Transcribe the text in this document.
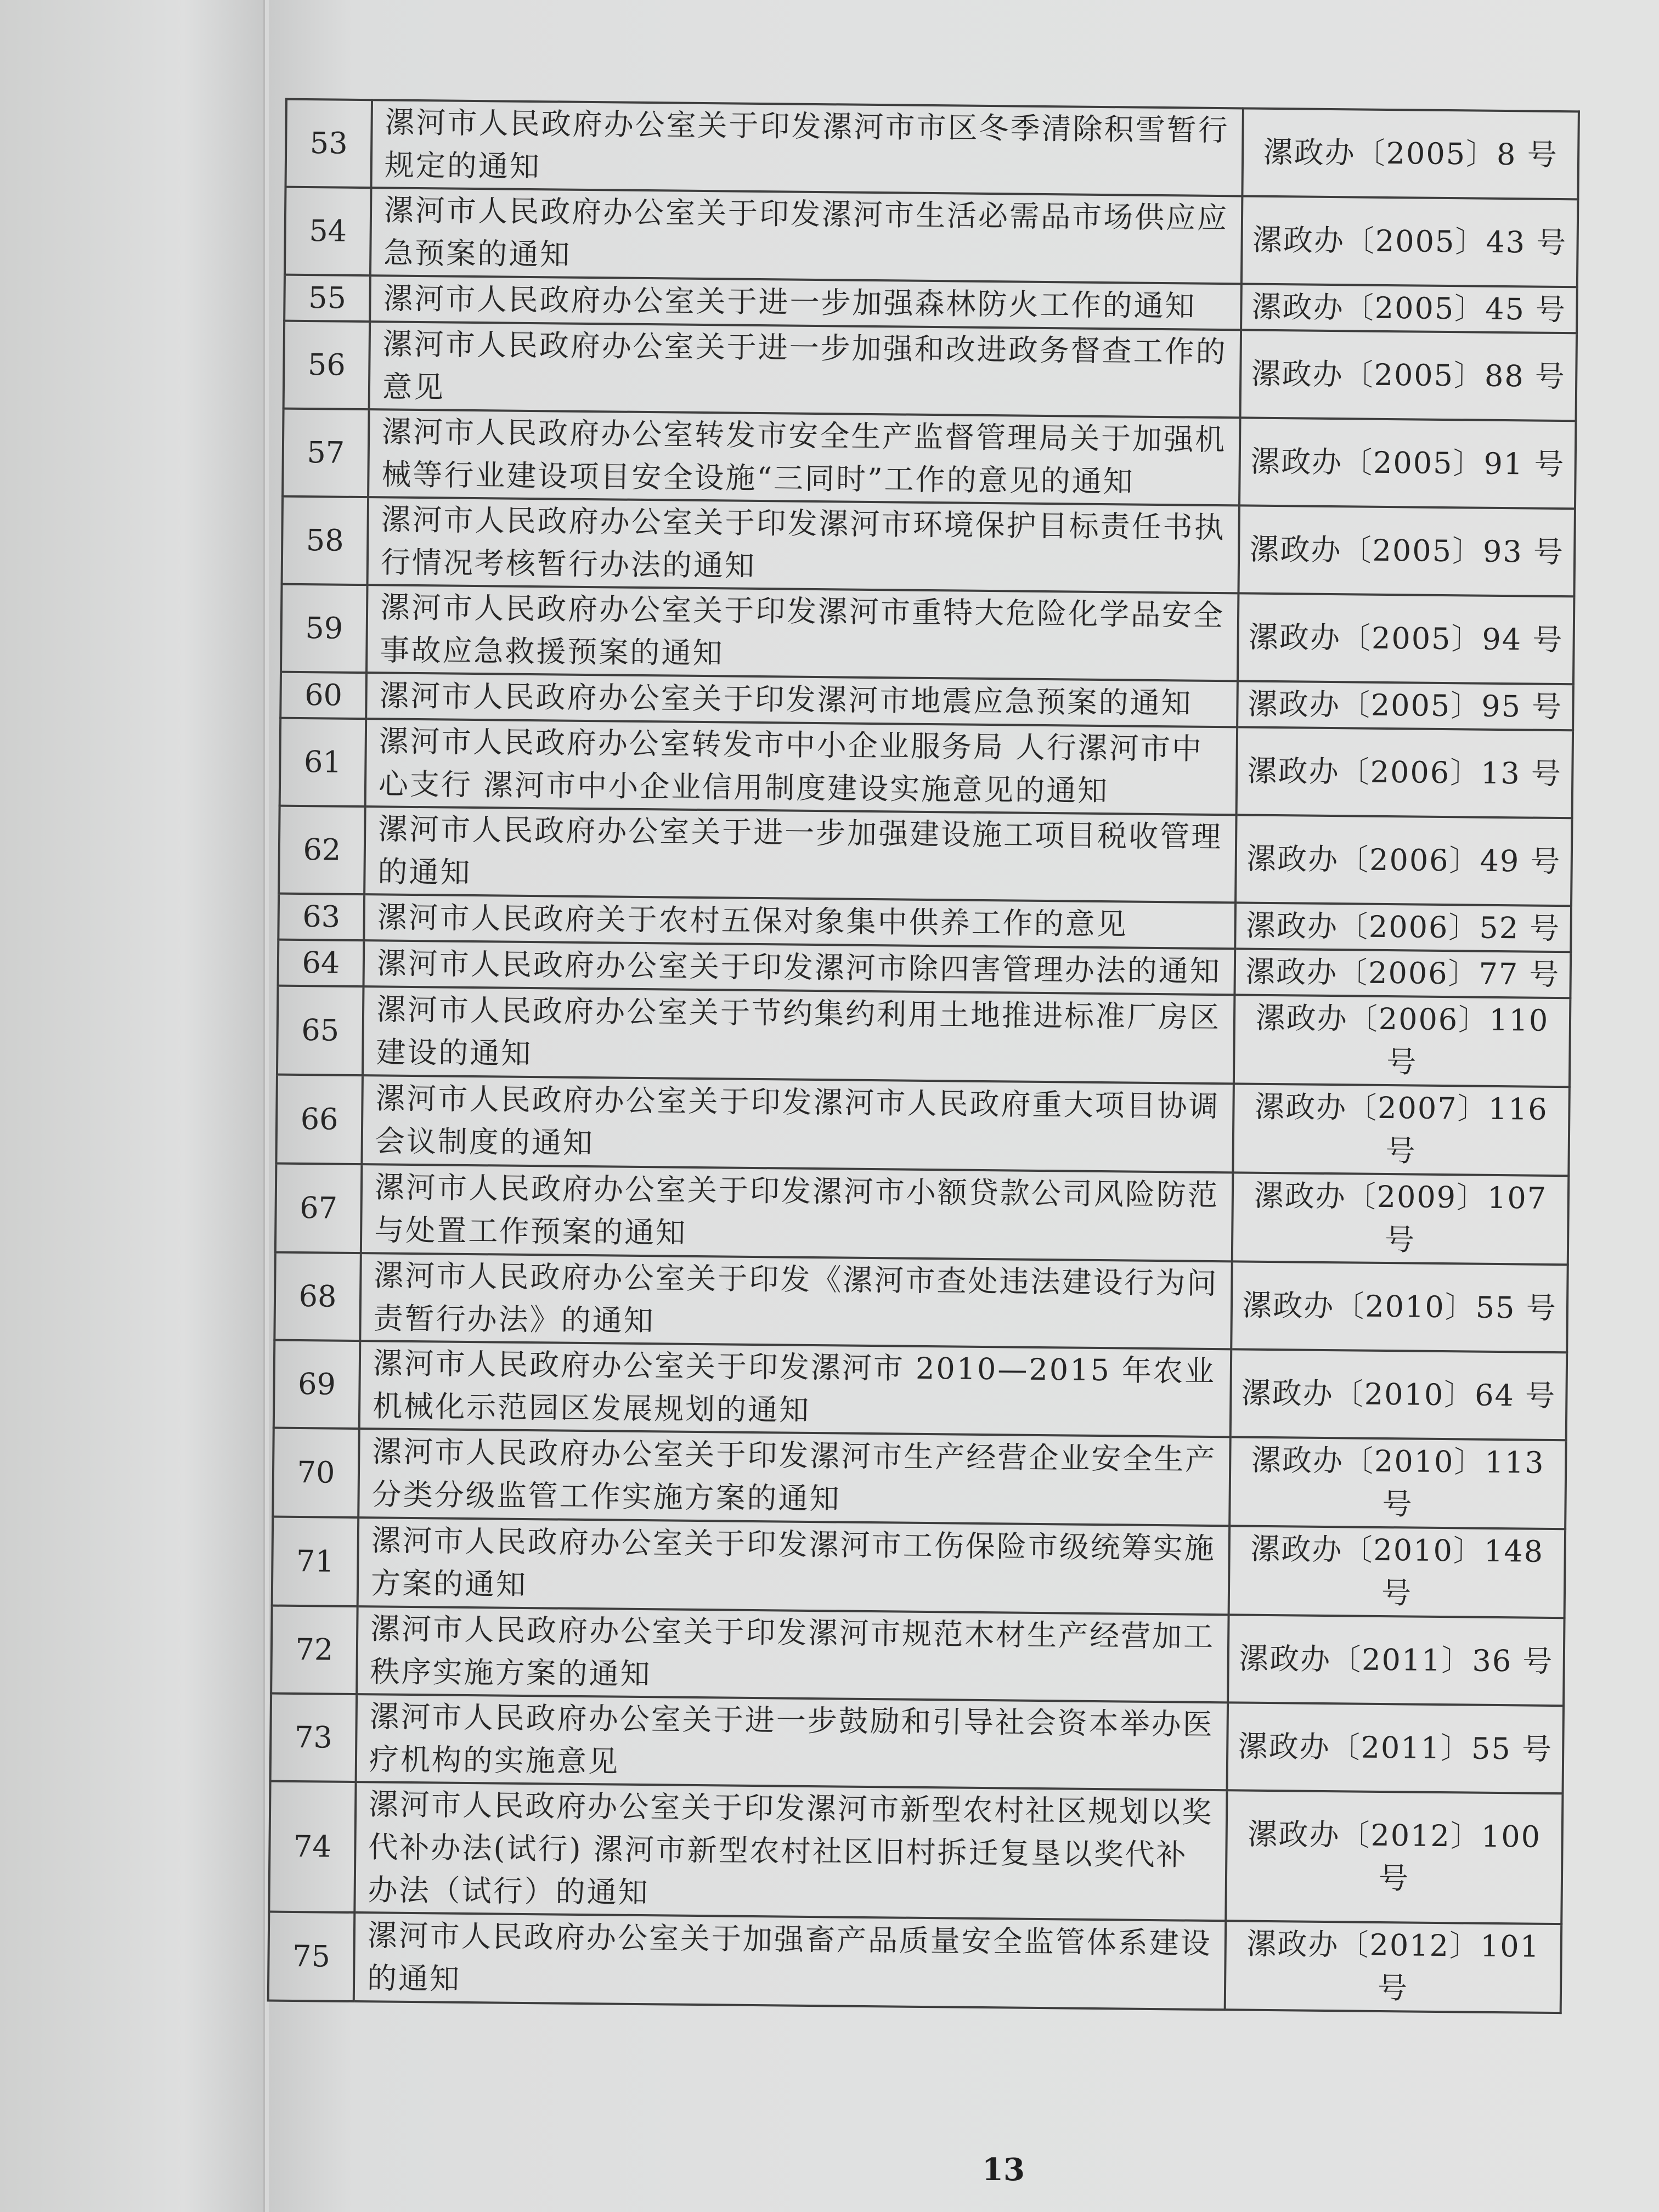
53	漯河市人民政府办公室关于印发漯河市市区冬季清除积雪暂行规定的通知	漯政办〔2005〕8 号
54	漯河市人民政府办公室关于印发漯河市生活必需品市场供应应急预案的通知	漯政办〔2005〕43 号
55	漯河市人民政府办公室关于进一步加强森林防火工作的通知	漯政办〔2005〕45 号
56	漯河市人民政府办公室关于进一步加强和改进政务督查工作的意见	漯政办〔2005〕88 号
57	漯河市人民政府办公室转发市安全生产监督管理局关于加强机械等行业建设项目安全设施“三同时”工作的意见的通知	漯政办〔2005〕91 号
58	漯河市人民政府办公室关于印发漯河市环境保护目标责任书执行情况考核暂行办法的通知	漯政办〔2005〕93 号
59	漯河市人民政府办公室关于印发漯河市重特大危险化学品安全事故应急救援预案的通知	漯政办〔2005〕94 号
60	漯河市人民政府办公室关于印发漯河市地震应急预案的通知	漯政办〔2005〕95 号
61	漯河市人民政府办公室转发市中小企业服务局 人行漯河市中心支行 漯河市中小企业信用制度建设实施意见的通知	漯政办〔2006〕13 号
62	漯河市人民政府办公室关于进一步加强建设施工项目税收管理的通知	漯政办〔2006〕49 号
63	漯河市人民政府关于农村五保对象集中供养工作的意见	漯政办〔2006〕52 号
64	漯河市人民政府办公室关于印发漯河市除四害管理办法的通知	漯政办〔2006〕77 号
65	漯河市人民政府办公室关于节约集约利用土地推进标准厂房区建设的通知	漯政办〔2006〕110 号
66	漯河市人民政府办公室关于印发漯河市人民政府重大项目协调会议制度的通知	漯政办〔2007〕116 号
67	漯河市人民政府办公室关于印发漯河市小额贷款公司风险防范与处置工作预案的通知	漯政办〔2009〕107 号
68	漯河市人民政府办公室关于印发《漯河市查处违法建设行为问责暂行办法》的通知	漯政办〔2010〕55 号
69	漯河市人民政府办公室关于印发漯河市 2010—2015 年农业机械化示范园区发展规划的通知	漯政办〔2010〕64 号
70	漯河市人民政府办公室关于印发漯河市生产经营企业安全生产分类分级监管工作实施方案的通知	漯政办〔2010〕113 号
71	漯河市人民政府办公室关于印发漯河市工伤保险市级统筹实施方案的通知	漯政办〔2010〕148 号
72	漯河市人民政府办公室关于印发漯河市规范木材生产经营加工秩序实施方案的通知	漯政办〔2011〕36 号
73	漯河市人民政府办公室关于进一步鼓励和引导社会资本举办医疗机构的实施意见	漯政办〔2011〕55 号
74	漯河市人民政府办公室关于印发漯河市新型农村社区规划以奖代补办法(试行) 漯河市新型农村社区旧村拆迁复垦以奖代补办法（试行）的通知	漯政办〔2012〕100 号
75	漯河市人民政府办公室关于加强畜产品质量安全监管体系建设的通知	漯政办〔2012〕101 号
13
